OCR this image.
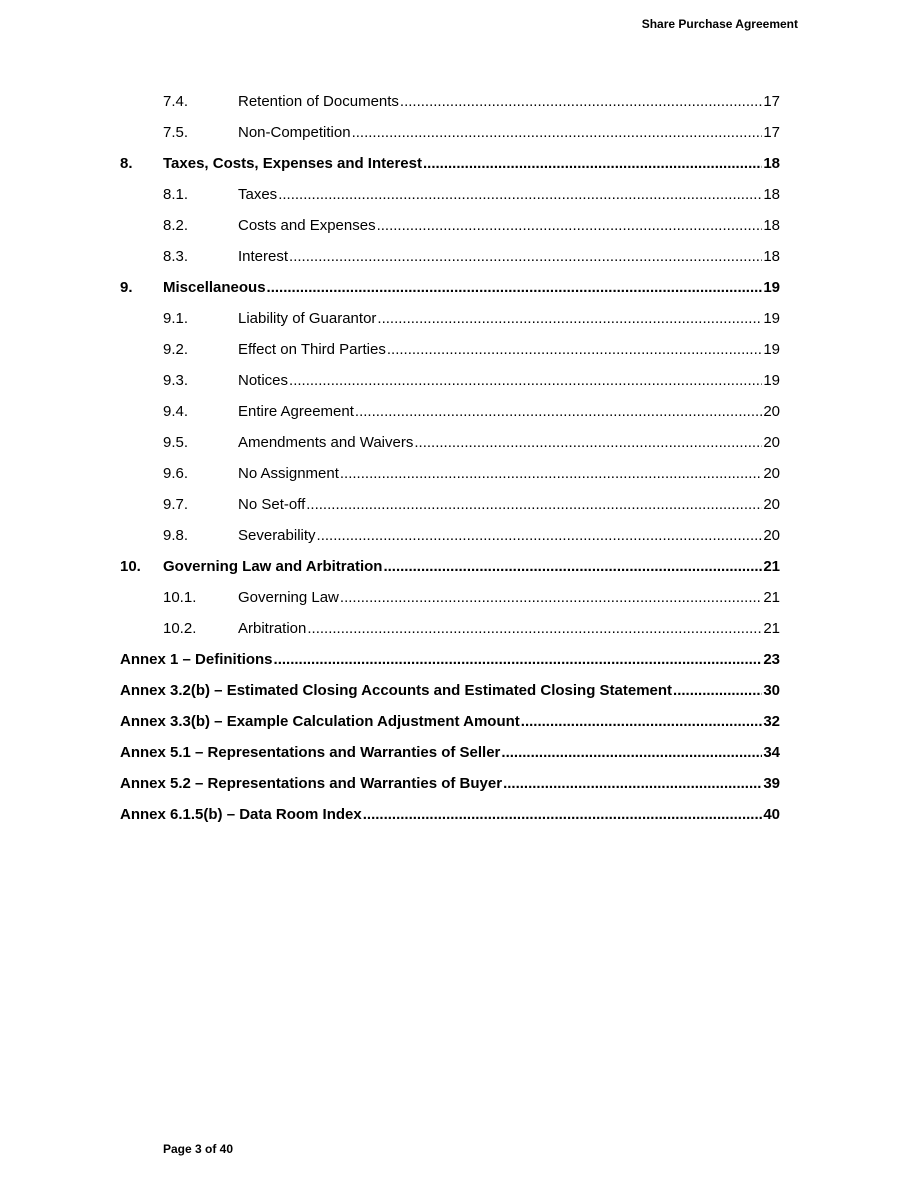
Share Purchase Agreement
7.4.	Retention of Documents .....	17
7.5.	Non-Competition .....	17
8.	Taxes, Costs, Expenses and Interest .....	18
8.1.	Taxes .....	18
8.2.	Costs and Expenses .....	18
8.3.	Interest .....	18
9.	Miscellaneous .....	19
9.1.	Liability of Guarantor .....	19
9.2.	Effect on Third Parties .....	19
9.3.	Notices .....	19
9.4.	Entire Agreement .....	20
9.5.	Amendments and Waivers .....	20
9.6.	No Assignment .....	20
9.7.	No Set-off .....	20
9.8.	Severability .....	20
10.	Governing Law and Arbitration .....	21
10.1.	Governing Law .....	21
10.2.	Arbitration .....	21
Annex 1 – Definitions .....	23
Annex 3.2(b) – Estimated Closing Accounts and Estimated Closing Statement .....	30
Annex 3.3(b) – Example Calculation Adjustment Amount .....	32
Annex 5.1 – Representations and Warranties of Seller .....	34
Annex 5.2 – Representations and Warranties of Buyer .....	39
Annex 6.1.5(b) – Data Room Index .....	40
Page 3 of 40
